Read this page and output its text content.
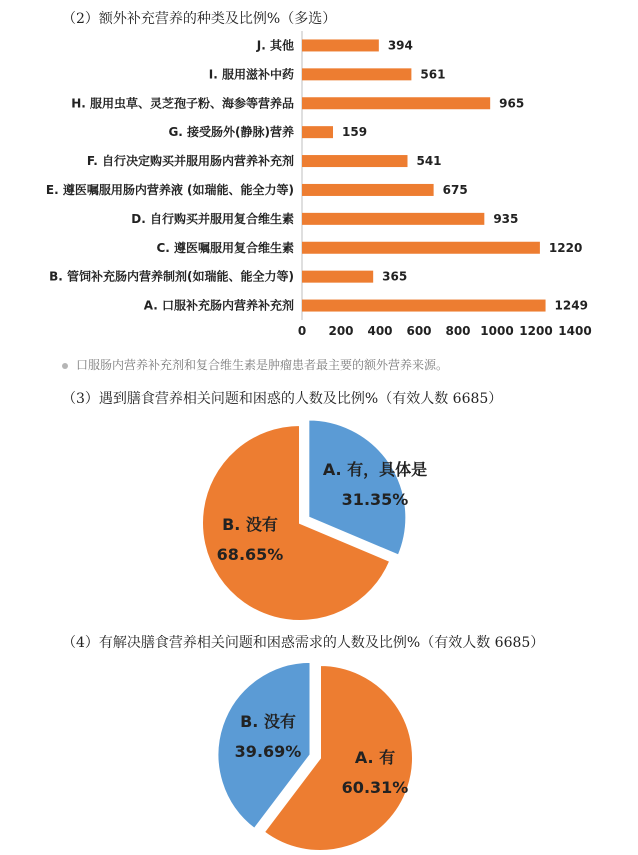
（2）额外补充营养的种类及比例%（多选）
J. 其他	394
I. 服用滋补中药	561
H. 服用虫草、灵芝孢子粉、海参等营养品	965
G. 接受肠外(静脉)营养	159
F. 自行决定购买并服用肠内营养补充剂	541
E. 遵医嘱服用肠内营养液 (如瑞能、能全力等)	675
D. 自行购买并服用复合维生素	935
C. 遵医嘱服用复合维生素	1220
B. 管饲补充肠内营养制剂(如瑞能、能全力等)	365
A. 口服补充肠内营养补充剂	1249
0 200 400 600 800 1000 1200 1400
口服肠内营养补充剂和复合维生素是肿瘤患者最主要的额外营养来源。
（3）遇到膳食营养相关问题和困惑的人数及比例%（有效人数 6685）
A. 有，具体是
31.35%
B. 没有
68.65%
（4）有解决膳食营养相关问题和困惑需求的人数及比例%（有效人数 6685）
A. 有
60.31%
B. 没有
39.69%
